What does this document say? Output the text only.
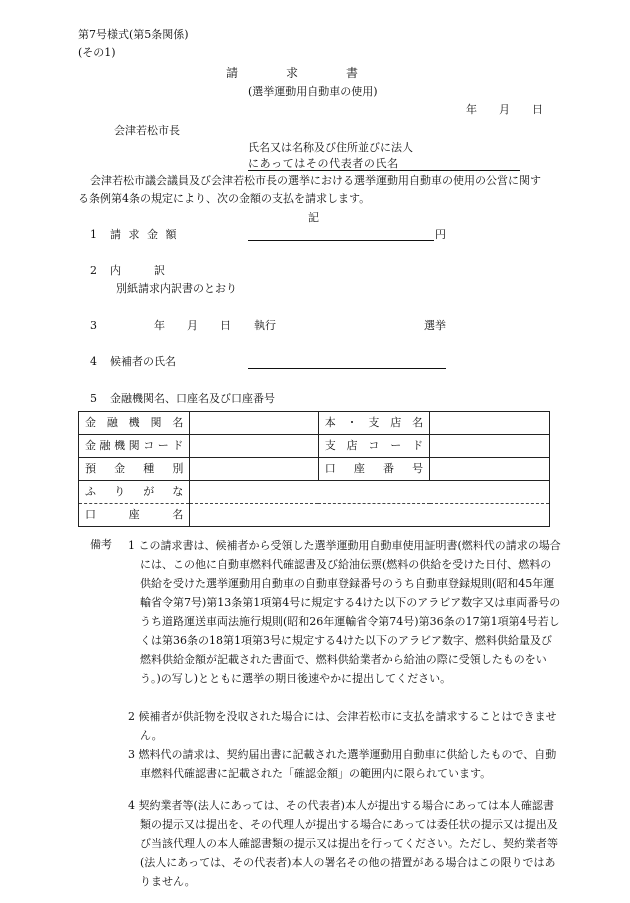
第7号様式(第5条関係)
(その1)
請　　　　求　　　　書
(選挙運動用自動車の使用)
年　　月　　日
会津若松市長
氏名又は名称及び住所並びに法人
にあってはその代表者の氏名
会津若松市議会議員及び会津若松市長の選挙における選挙運動用自動車の使用の公営に関する条例第4条の規定により、次の金額の支払を請求します。
記
1 請 求 金 額	円
2 内　　　訳
別紙請求内訳書のとおり
3	年　　月　　日 執行	選挙
4 候補者の氏名
5 金融機関名、口座名及び口座番号
金融機関名		本・支店名	
金融機関コード		支店コード	
預金種別		口座番号	
ふりがな			
口座名			
備考 1 この請求書は、候補者から受領した選挙運動用自動車使用証明書(燃料代の請求の場合には、この他に自動車燃料代確認書及び給油伝票(燃料の供給を受けた日付、燃料の供給を受けた選挙運動用自動車の自動車登録番号のうち自動車登録規則(昭和45年運輸省令第7号)第13条第1項第4号に規定する4けた以下のアラビア数字又は車両番号のうち道路運送車両法施行規則(昭和26年運輸省令第74号)第36条の17第1項第4号若しくは第36条の18第1項第3号に規定する4けた以下のアラビア数字、燃料供給量及び燃料供給金額が記載された書面で、燃料供給業者から給油の際に受領したものをいう。)の写し)とともに選挙の期日後速やかに提出してください。
2 候補者が供託物を没収された場合には、会津若松市に支払を請求することはできません。
3 燃料代の請求は、契約届出書に記載された選挙運動用自動車に供給したもので、自動車燃料代確認書に記載された「確認金額」の範囲内に限られています。
4 契約業者等(法人にあっては、その代表者)本人が提出する場合にあっては本人確認書類の提示又は提出を、その代理人が提出する場合にあっては委任状の提示又は提出及び当該代理人の本人確認書類の提示又は提出を行ってください。ただし、契約業者等(法人にあっては、その代表者)本人の署名その他の措置がある場合はこの限りではありません。
